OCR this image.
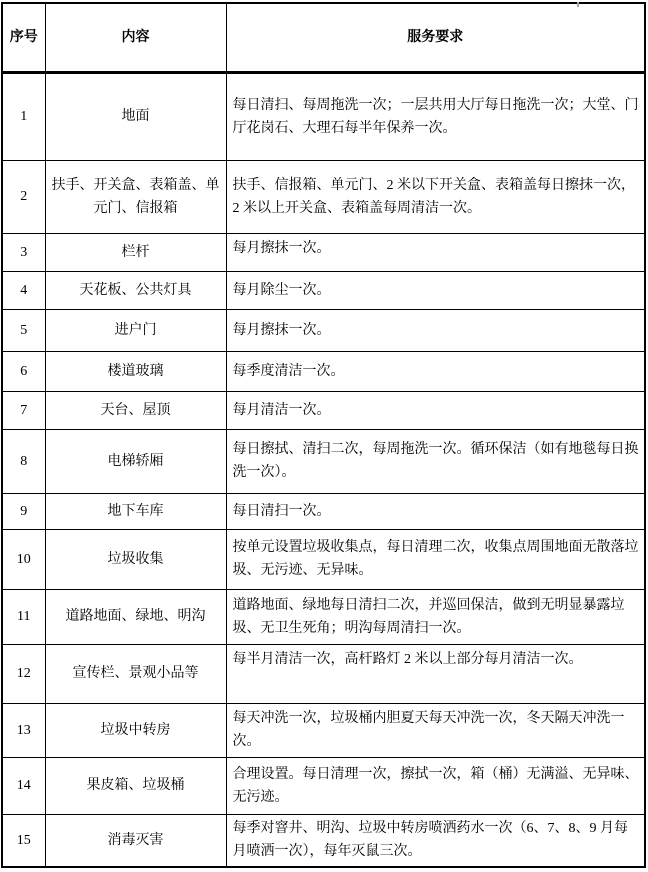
序号	内容	服务要求
1	地面	每日清扫、每周拖洗一次；一层共用大厅每日拖洗一次；大堂、门厅花岗石、大理石每半年保养一次。
2	扶手、开关盒、表箱盖、单元门、信报箱	扶手、信报箱、单元门、2 米以下开关盒、表箱盖每日擦抹一次，2 米以上开关盒、表箱盖每周清洁一次。
3	栏杆	每月擦抹一次。
4	天花板、公共灯具	每月除尘一次。
5	进户门	每月擦抹一次。
6	楼道玻璃	每季度清洁一次。
7	天台、屋顶	每月清洁一次。
8	电梯轿厢	每日擦拭、清扫二次，每周拖洗一次。循环保洁（如有地毯每日换洗一次）。
9	地下车库	每日清扫一次。
10	垃圾收集	按单元设置垃圾收集点，每日清理二次，收集点周围地面无散落垃圾、无污迹、无异味。
11	道路地面、绿地、明沟	道路地面、绿地每日清扫二次，并巡回保洁，做到无明显暴露垃圾、无卫生死角；明沟每周清扫一次。
12	宣传栏、景观小品等	每半月清洁一次，高杆路灯 2 米以上部分每月清洁一次。
13	垃圾中转房	每天冲洗一次，垃圾桶内胆夏天每天冲洗一次，冬天隔天冲洗一次。
14	果皮箱、垃圾桶	合理设置。每日清理一次，擦拭一次，箱（桶）无满溢、无异味、无污迹。
15	消毒灭害	每季对窨井、明沟、垃圾中转房喷洒药水一次（6、7、8、9 月每月喷洒一次），每年灭鼠三次。
